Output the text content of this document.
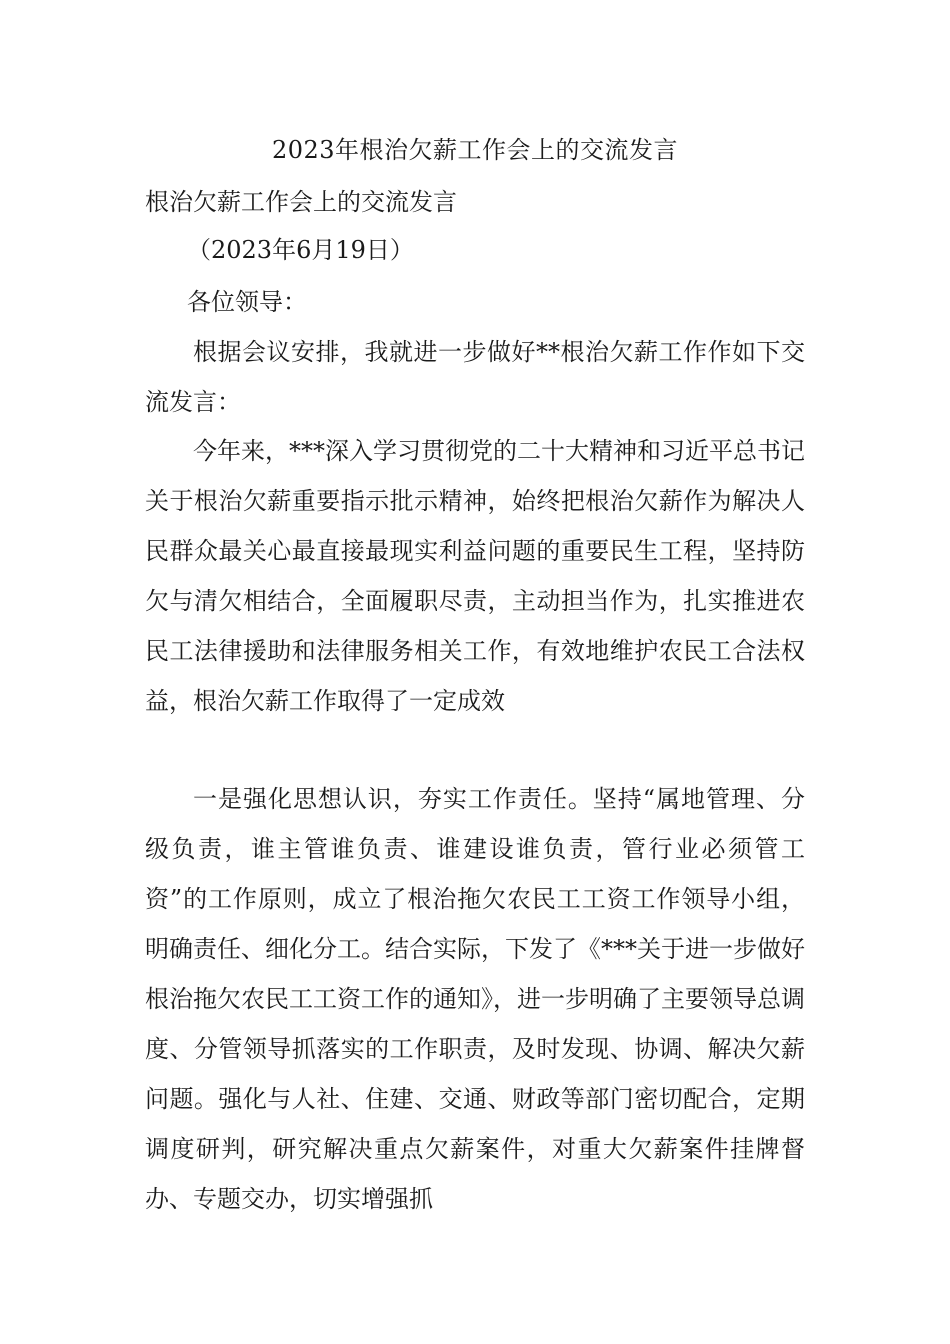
2023年根治欠薪工作会上的交流发言
根治欠薪工作会上的交流发言
（2023年6月19日）
各位领导：

根据会议安排，我就进一步做好**根治欠薪工作作如下交流发言：

今年来，***深入学习贯彻党的二十大精神和习近平总书记关于根治欠薪重要指示批示精神，始终把根治欠薪作为解决人民群众最关心最直接最现实利益问题的重要民生工程，坚持防欠与清欠相结合，全面履职尽责，主动担当作为，扎实推进农民工法律援助和法律服务相关工作，有效地维护农民工合法权益，根治欠薪工作取得了一定成效

一是强化思想认识，夯实工作责任。坚持“属地管理、分级负责，谁主管谁负责、谁建设谁负责，管行业必须管工资”的工作原则，成立了根治拖欠农民工工资工作领导小组，明确责任、细化分工。结合实际，下发了《***关于进一步做好根治拖欠农民工工资工作的通知》，进一步明确了主要领导总调度、分管领导抓落实的工作职责，及时发现、协调、解决欠薪问题。强化与人社、住建、交通、财政等部门密切配合，定期调度研判，研究解决重点欠薪案件，对重大欠薪案件挂牌督办、专题交办，切实增强抓
